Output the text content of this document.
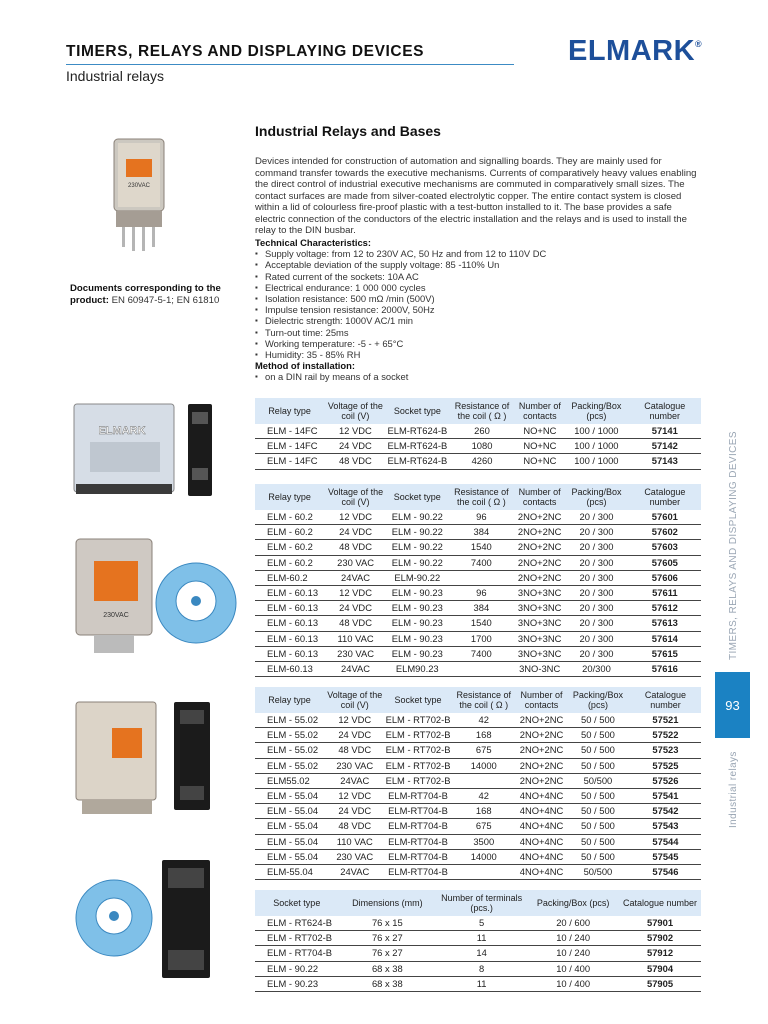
TIMERS, RELAYS AND DISPLAYING DEVICES
Industrial relays
ELMARK®
Industrial Relays and Bases
Devices intended for construction of automation and signalling boards. They are mainly used for command transfer towards the executive mechanisms. Currents of comparatively heavy values enabling the direct control of industrial executive mechanisms are commuted in comparatively small sizes. The contact surfaces are made from silver-coated electrolytic copper. The entire contact system is closed within a lid of colourless fire-proof plastic with a test-button installed to it. The base provides a safe electric connection of the conductors of the electric installation and the relays and is used to install the relay to the DIN busbar.
Technical Characteristics:
▪ Supply voltage: from 12 to 230V AC, 50 Hz and from 12 to 110V DC
▪ Acceptable deviation of the supply voltage: 85 -110% Un
▪ Rated current of the sockets: 10A AC
▪ Electrical endurance: 1 000 000 cycles
▪ Isolation resistance: 500 mΩ /min (500V)
▪ Impulse tension resistance: 2000V, 50Hz
▪ Dielectric strength: 1000V AC/1 min
▪ Turn-out time: 25ms
▪ Working temperature: -5 - + 65°C
▪ Humidity: 35 - 85% RH
Method of installation:
▪ on a DIN rail by means of a socket
Documents corresponding to the product: EN 60947-5-1; EN 61810
TIMERS, RELAYS AND DISPLAYING DEVICES
93
Industrial relays
230VAC
ELMARK
230VAC
Relay type	Voltage of the coil (V)	Socket type	Resistance of the coil ( Ω )	Number of contacts	Packing/Box (pcs)	Catalogue number
ELM - 14FC	12 VDC	ELM-RT624-B	260	NO+NC	100 / 1000	57141
ELM - 14FC	24 VDC	ELM-RT624-B	1080	NO+NC	100 / 1000	57142
ELM - 14FC	48 VDC	ELM-RT624-B	4260	NO+NC	100 / 1000	57143
Relay type	Voltage of the coil (V)	Socket type	Resistance of the coil ( Ω )	Number of contacts	Packing/Box (pcs)	Catalogue number
ELM - 60.2	12 VDC	ELM - 90.22	96	2NO+2NC	20 / 300	57601
ELM - 60.2	24 VDC	ELM - 90.22	384	2NO+2NC	20 / 300	57602
ELM - 60.2	48 VDC	ELM - 90.22	1540	2NO+2NC	20 / 300	57603
ELM - 60.2	230 VAC	ELM - 90.22	7400	2NO+2NC	20 / 300	57605
ELM-60.2	24VAC	ELM-90.22		2NO+2NC	20 / 300	57606
ELM - 60.13	12 VDC	ELM - 90.23	96	3NO+3NC	20 / 300	57611
ELM - 60.13	24 VDC	ELM - 90.23	384	3NO+3NC	20 / 300	57612
ELM - 60.13	48 VDC	ELM - 90.23	1540	3NO+3NC	20 / 300	57613
ELM - 60.13	110 VAC	ELM - 90.23	1700	3NO+3NC	20 / 300	57614
ELM - 60.13	230 VAC	ELM - 90.23	7400	3NO+3NC	20 / 300	57615
ELM-60.13	24VAC	ELM90.23		3NO-3NC	20/300	57616
Relay type	Voltage of the coil (V)	Socket type	Resistance of the coil ( Ω )	Number of contacts	Packing/Box (pcs)	Catalogue number
ELM - 55.02	12 VDC	ELM - RT702-B	42	2NO+2NC	50 / 500	57521
ELM - 55.02	24 VDC	ELM - RT702-B	168	2NO+2NC	50 / 500	57522
ELM - 55.02	48 VDC	ELM - RT702-B	675	2NO+2NC	50 / 500	57523
ELM - 55.02	230 VAC	ELM - RT702-B	14000	2NO+2NC	50 / 500	57525
ELM55.02	24VAC	ELM - RT702-B		2NO+2NC	50/500	57526
ELM - 55.04	12 VDC	ELM-RT704-B	42	4NO+4NC	50 / 500	57541
ELM - 55.04	24 VDC	ELM-RT704-B	168	4NO+4NC	50 / 500	57542
ELM - 55.04	48 VDC	ELM-RT704-B	675	4NO+4NC	50 / 500	57543
ELM - 55.04	110 VAC	ELM-RT704-B	3500	4NO+4NC	50 / 500	57544
ELM - 55.04	230 VAC	ELM-RT704-B	14000	4NO+4NC	50 / 500	57545
ELM-55.04	24VAC	ELM-RT704-B		4NO+4NC	50/500	57546
Socket type	Dimensions (mm)	Number of terminals (pcs.)	Packing/Box (pcs)	Catalogue number
ELM - RT624-B	76 x 15	5	20 / 600	57901
ELM - RT702-B	76 x 27	11	10 / 240	57902
ELM - RT704-B	76 x 27	14	10 / 240	57912
ELM - 90.22	68 x 38	8	10 / 400	57904
ELM - 90.23	68 x 38	11	10 / 400	57905
